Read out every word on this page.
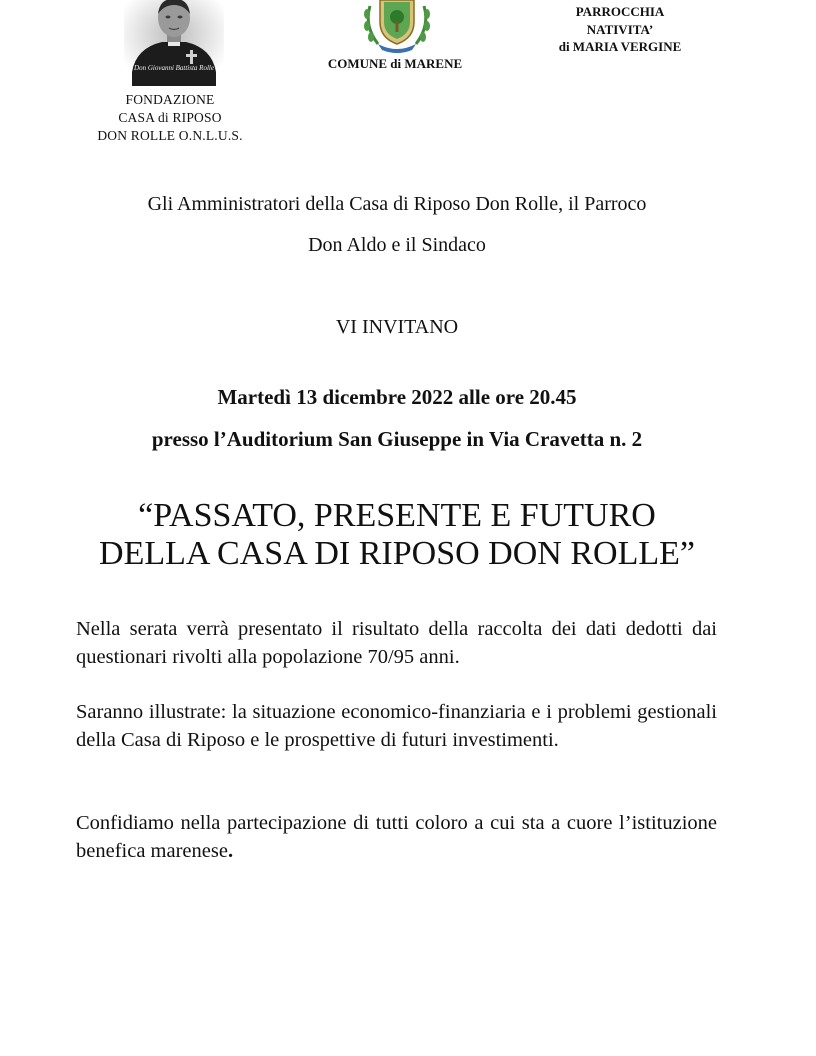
Don Giovanni Battista Rolle
FONDAZIONE
CASA di RIPOSO
DON ROLLE O.N.L.U.S.
COMUNE di MARENE
PARROCCHIA
NATIVITA’
di MARIA VERGINE
Gli Amministratori della Casa di Riposo Don Rolle, il Parroco
Don Aldo e il Sindaco
VI INVITANO
Martedì 13 dicembre 2022 alle ore 20.45
presso l’Auditorium San Giuseppe in Via Cravetta n. 2
“PASSATO, PRESENTE E FUTURO
DELLA CASA DI RIPOSO DON ROLLE”
Nella serata verrà presentato il risultato della raccolta dei dati dedotti dai questionari rivolti alla popolazione 70/95 anni.
Saranno illustrate: la situazione economico-finanziaria e i problemi gestionali della Casa di Riposo e le prospettive di futuri investimenti.
Confidiamo nella partecipazione di tutti coloro a cui sta a cuore l’istituzione benefica marenese.
